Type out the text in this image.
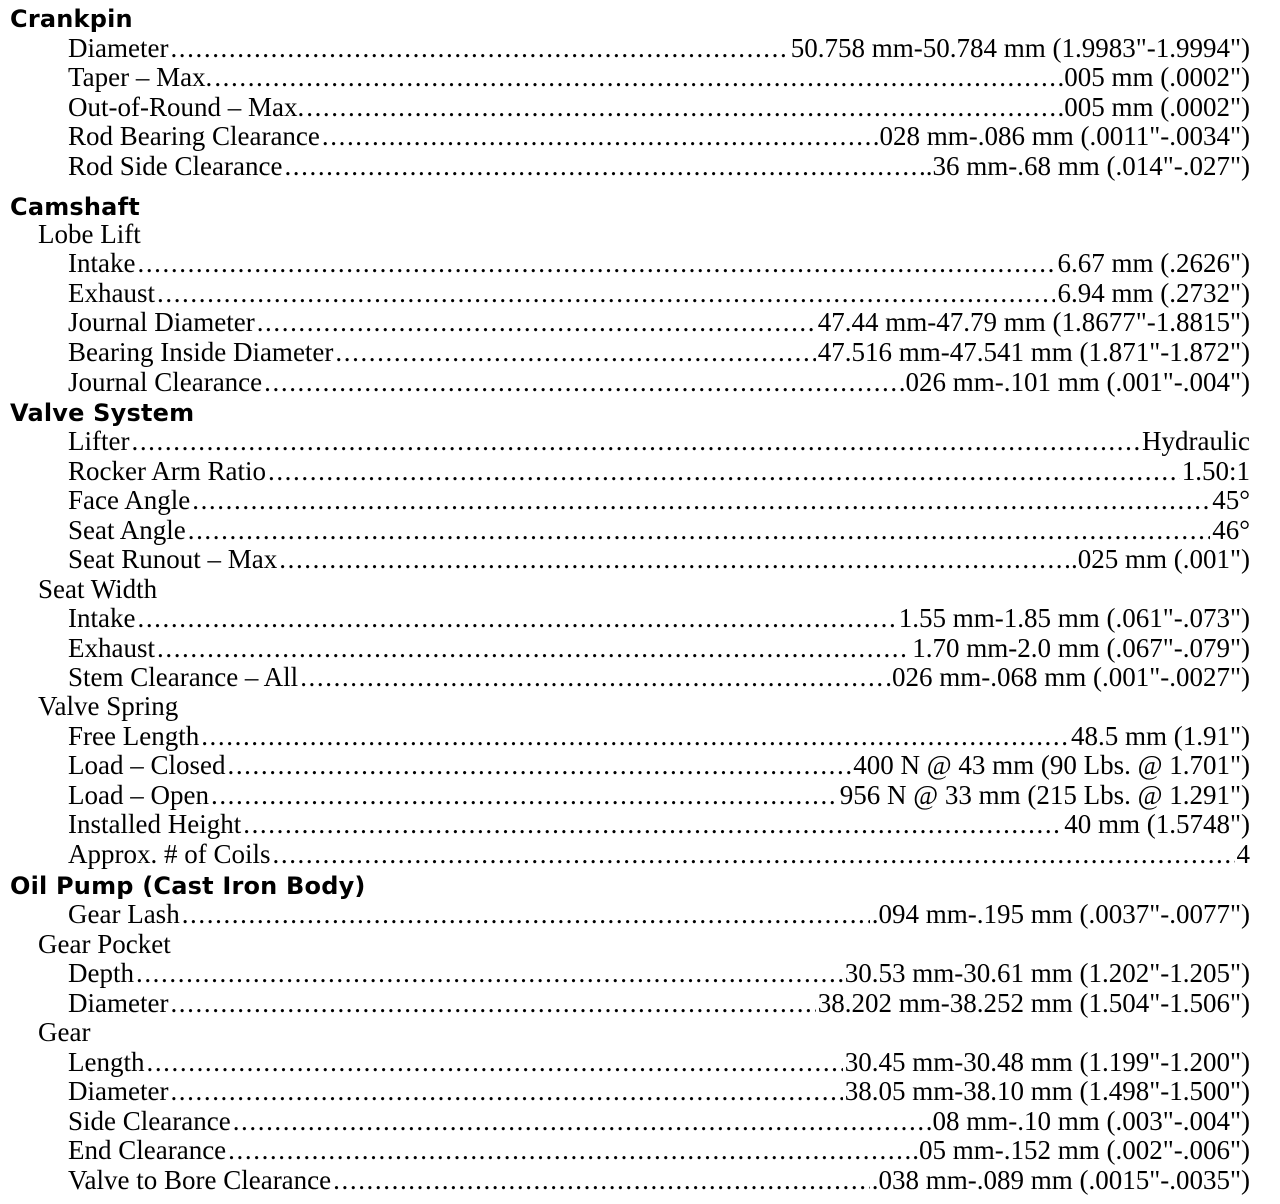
Crankpin
Diameter .....	50.758 mm-50.784 mm (1.9983"-1.9994")
Taper – Max. .....	.005 mm (.0002")
Out-of-Round – Max. .....	.005 mm (.0002")
Rod Bearing Clearance .....	.028 mm-.086 mm (.0011"-.0034")
Rod Side Clearance .....	.36 mm-.68 mm (.014"-.027")
Camshaft
Lobe Lift
Intake .....	6.67 mm (.2626")
Exhaust .....	6.94 mm (.2732")
Journal Diameter .....	47.44 mm-47.79 mm (1.8677"-1.8815")
Bearing Inside Diameter .....	47.516 mm-47.541 mm (1.871"-1.872")
Journal Clearance .....	.026 mm-.101 mm (.001"-.004")
Valve System
Lifter .....	Hydraulic
Rocker Arm Ratio .....	1.50:1
Face Angle .....	45°
Seat Angle .....	46°
Seat Runout – Max .....	.025 mm (.001")
Seat Width
Intake .....	1.55 mm-1.85 mm (.061"-.073")
Exhaust .....	1.70 mm-2.0 mm (.067"-.079")
Stem Clearance – All .....	.026 mm-.068 mm (.001"-.0027")
Valve Spring
Free Length .....	48.5 mm (1.91")
Load – Closed .....	400 N @ 43 mm (90 Lbs. @ 1.701")
Load – Open .....	956 N @ 33 mm (215 Lbs. @ 1.291")
Installed Height .....	40 mm (1.5748")
Approx. # of Coils .....	4
Oil Pump (Cast Iron Body)
Gear Lash .....	.094 mm-.195 mm (.0037"-.0077")
Gear Pocket
Depth .....	30.53 mm-30.61 mm (1.202"-1.205")
Diameter .....	38.202 mm-38.252 mm (1.504"-1.506")
Gear
Length .....	30.45 mm-30.48 mm (1.199"-1.200")
Diameter .....	38.05 mm-38.10 mm (1.498"-1.500")
Side Clearance .....	.08 mm-.10 mm (.003"-.004")
End Clearance .....	.05 mm-.152 mm (.002"-.006")
Valve to Bore Clearance .....	.038 mm-.089 mm (.0015"-.0035")
